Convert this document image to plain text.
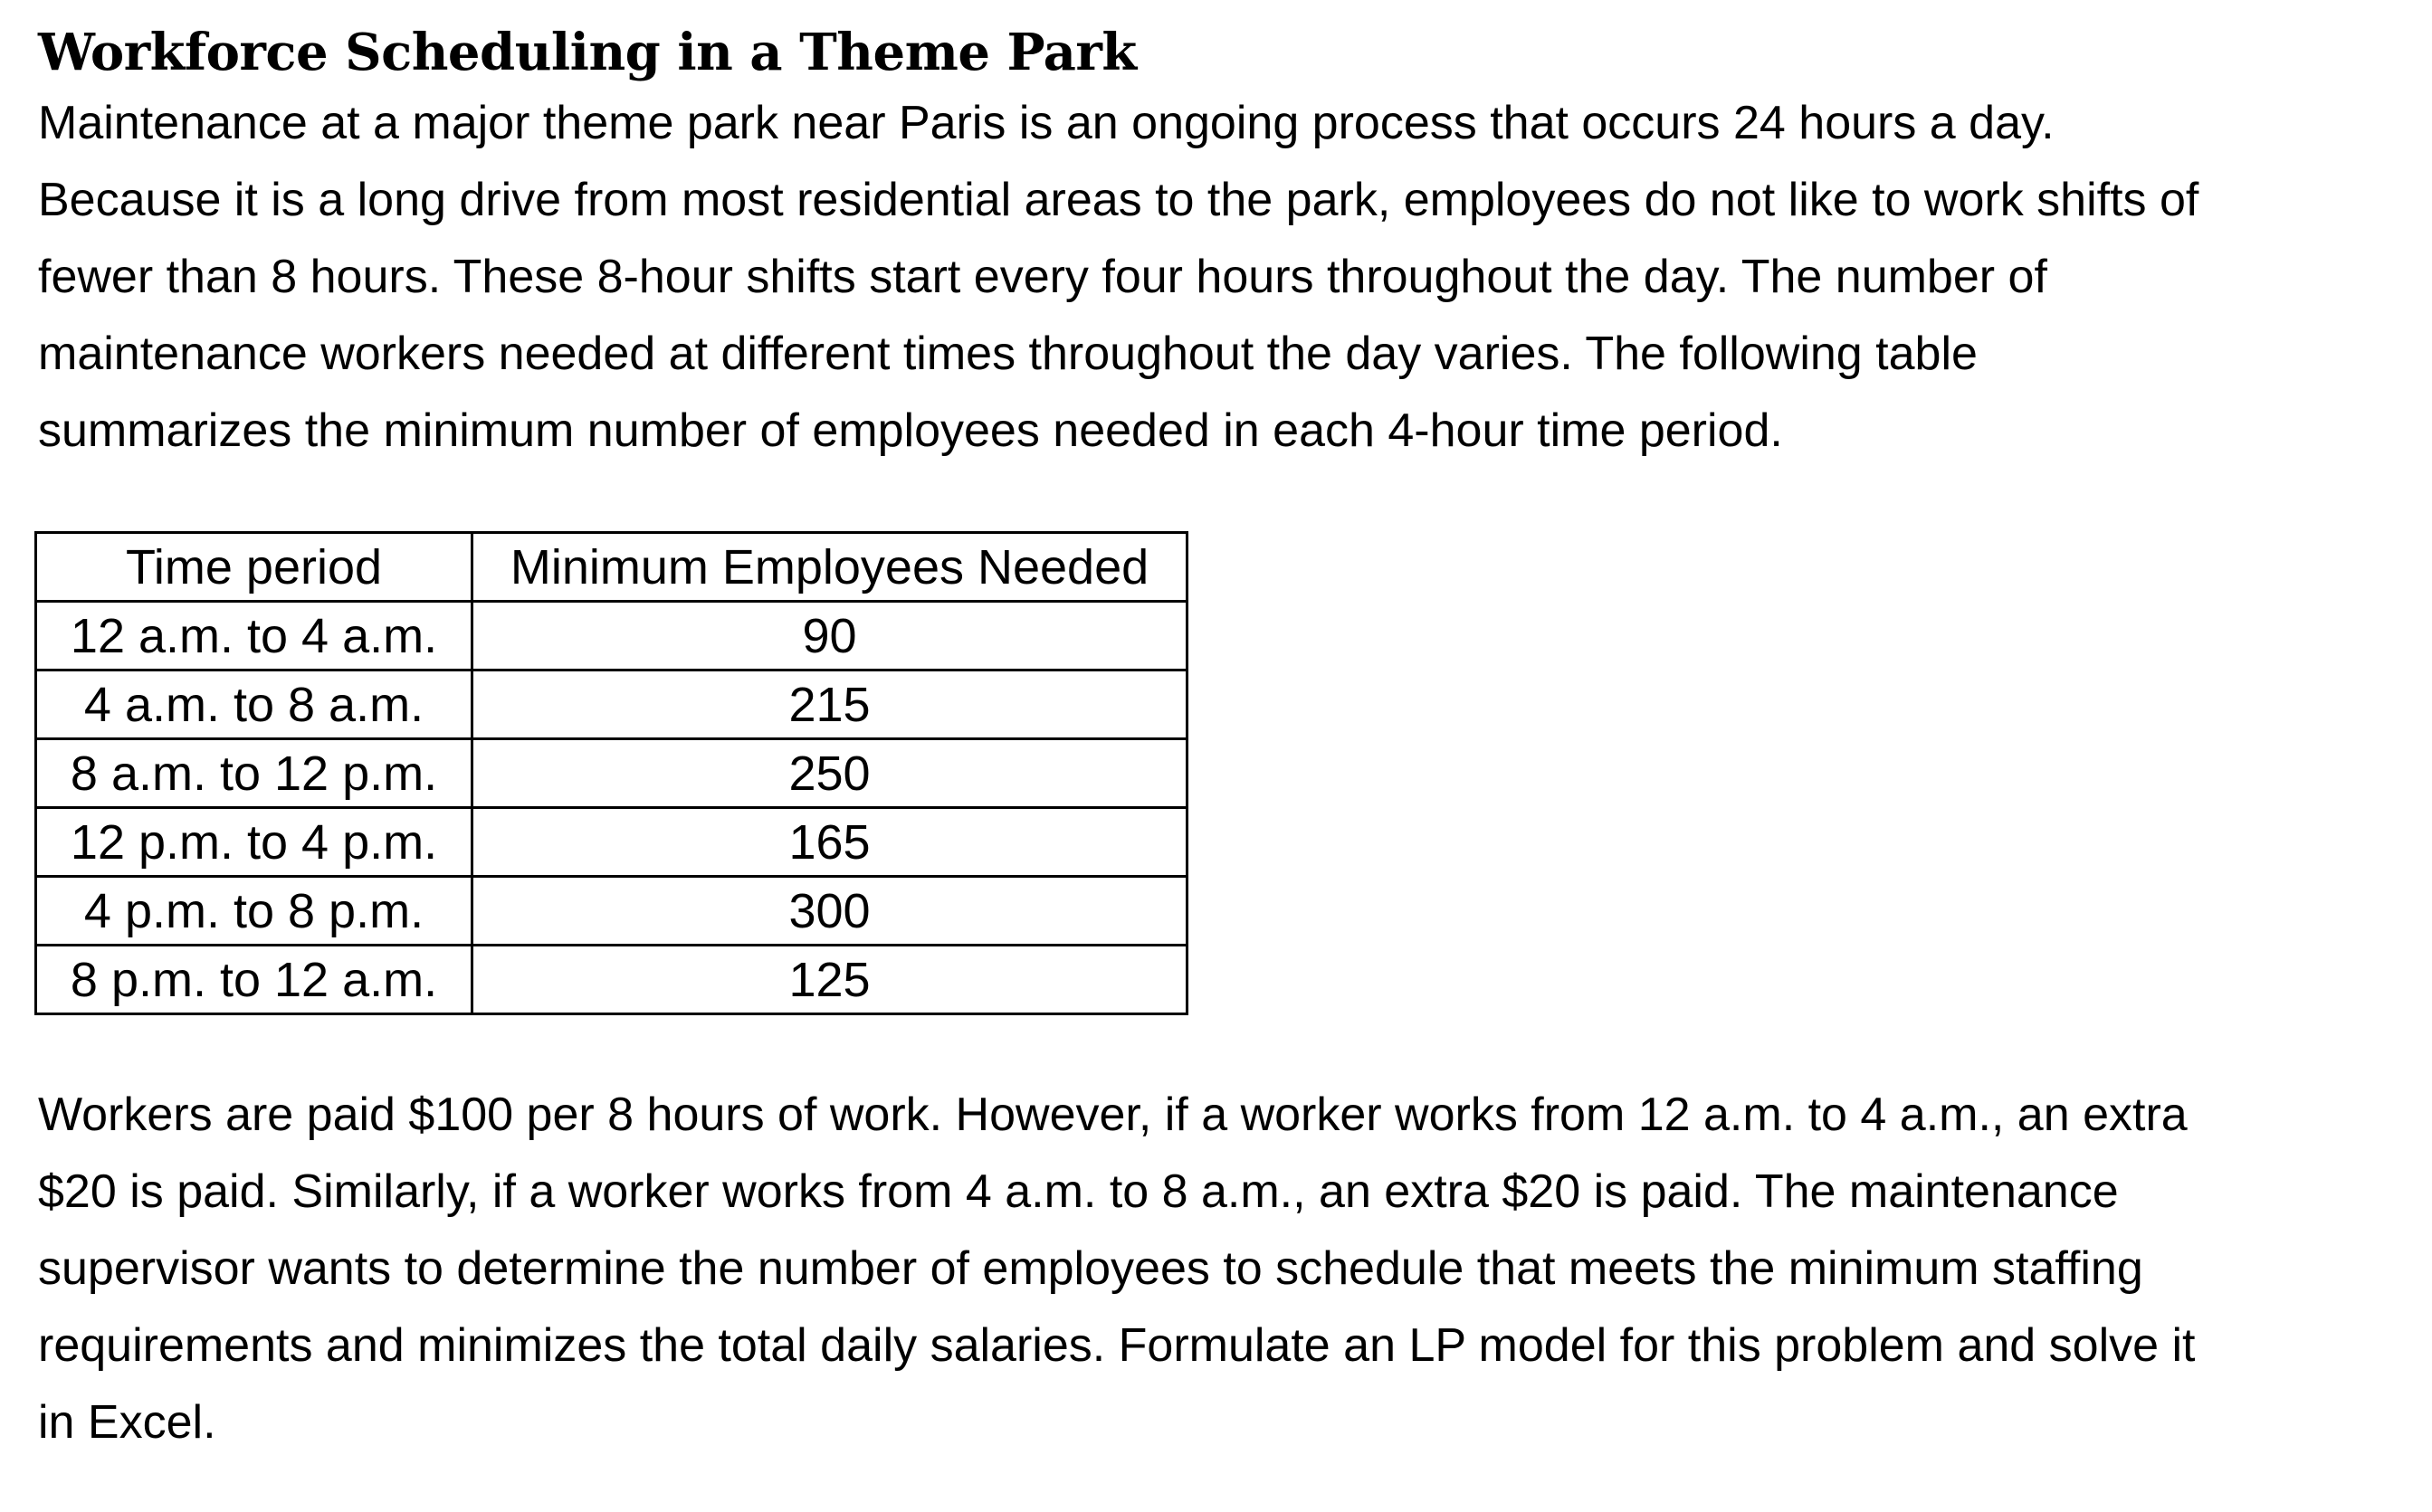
Workforce Scheduling in a Theme Park
Maintenance at a major theme park near Paris is an ongoing process that occurs 24 hours a day.
Because it is a long drive from most residential areas to the park, employees do not like to work shifts of
fewer than 8 hours. These 8-hour shifts start every four hours throughout the day. The number of
maintenance workers needed at different times throughout the day varies. The following table
summarizes the minimum number of employees needed in each 4-hour time period.
Time period	Minimum Employees Needed
12 a.m. to 4 a.m.	90
4 a.m. to 8 a.m.	215
8 a.m. to 12 p.m.	250
12 p.m. to 4 p.m.	165
4 p.m. to 8 p.m.	300
8 p.m. to 12 a.m.	125
Workers are paid $100 per 8 hours of work. However, if a worker works from 12 a.m. to 4 a.m., an extra
$20 is paid. Similarly, if a worker works from 4 a.m. to 8 a.m., an extra $20 is paid. The maintenance
supervisor wants to determine the number of employees to schedule that meets the minimum staffing
requirements and minimizes the total daily salaries. Formulate an LP model for this problem and solve it
in Excel.
